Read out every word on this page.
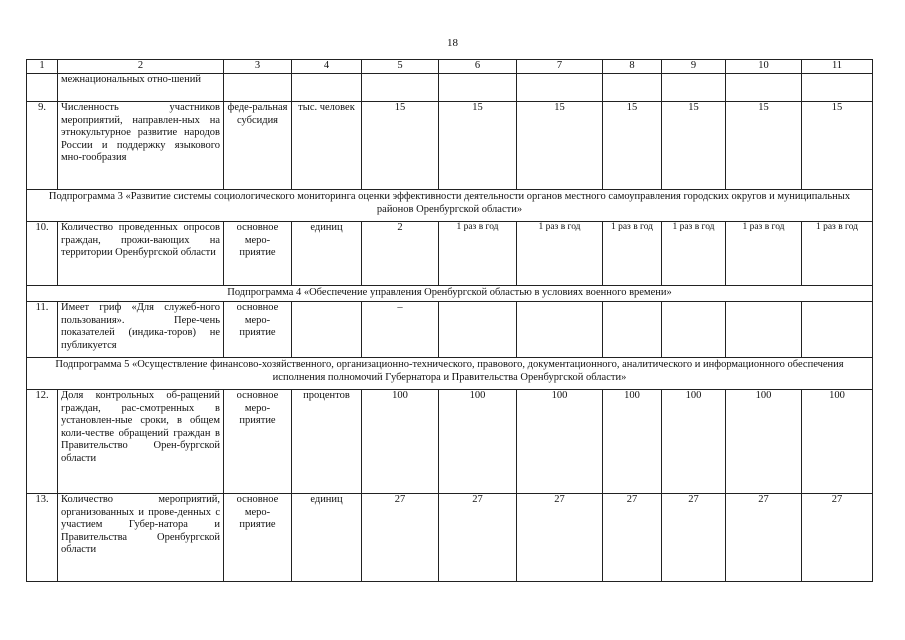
18
1	2	3	4	5	6	7	8	9	10	11
	межнациональных отно-шений									
9.	Численность участников мероприятий, направлен-ных на этнокультурное развитие народов России и поддержку языкового мно-гообразия	феде-ральная субсидия	тыс. человек	15	15	15	15	15	15	15
Подпрограмма 3 «Развитие системы социологического мониторинга оценки эффективности деятельности органов местного самоуправления городских округов и муниципальных районов Оренбургской области»										
10.	Количество проведенных опросов граждан, прожи-вающих на территории Оренбургской области	основное меро-приятие	единиц	2	1 раз в год	1 раз в год	1 раз в год	1 раз в год	1 раз в год	1 раз в год
Подпрограмма 4 «Обеспечение управления Оренбургской областью в условиях военного времени»										
11.	Имеет гриф «Для служеб-ного пользования». Пере-чень показателей (индика-торов) не публикуется	основное меро-приятие		–						
Подпрограмма 5 «Осуществление финансово-хозяйственного, организационно-технического, правового, документационного, аналитического и информационного обеспечения исполнения полномочий Губернатора и Правительства Оренбургской области»										
12.	Доля контрольных об-ращений граждан, рас-смотренных в установлен-ные сроки, в общем коли-честве обращений граждан в Правительство Орен-бургской области	основное меро-приятие	процентов	100	100	100	100	100	100	100
13.	Количество мероприятий, организованных и прове-денных с участием Губер-натора и Правительства Оренбургской области	основное меро-приятие	единиц	27	27	27	27	27	27	27
